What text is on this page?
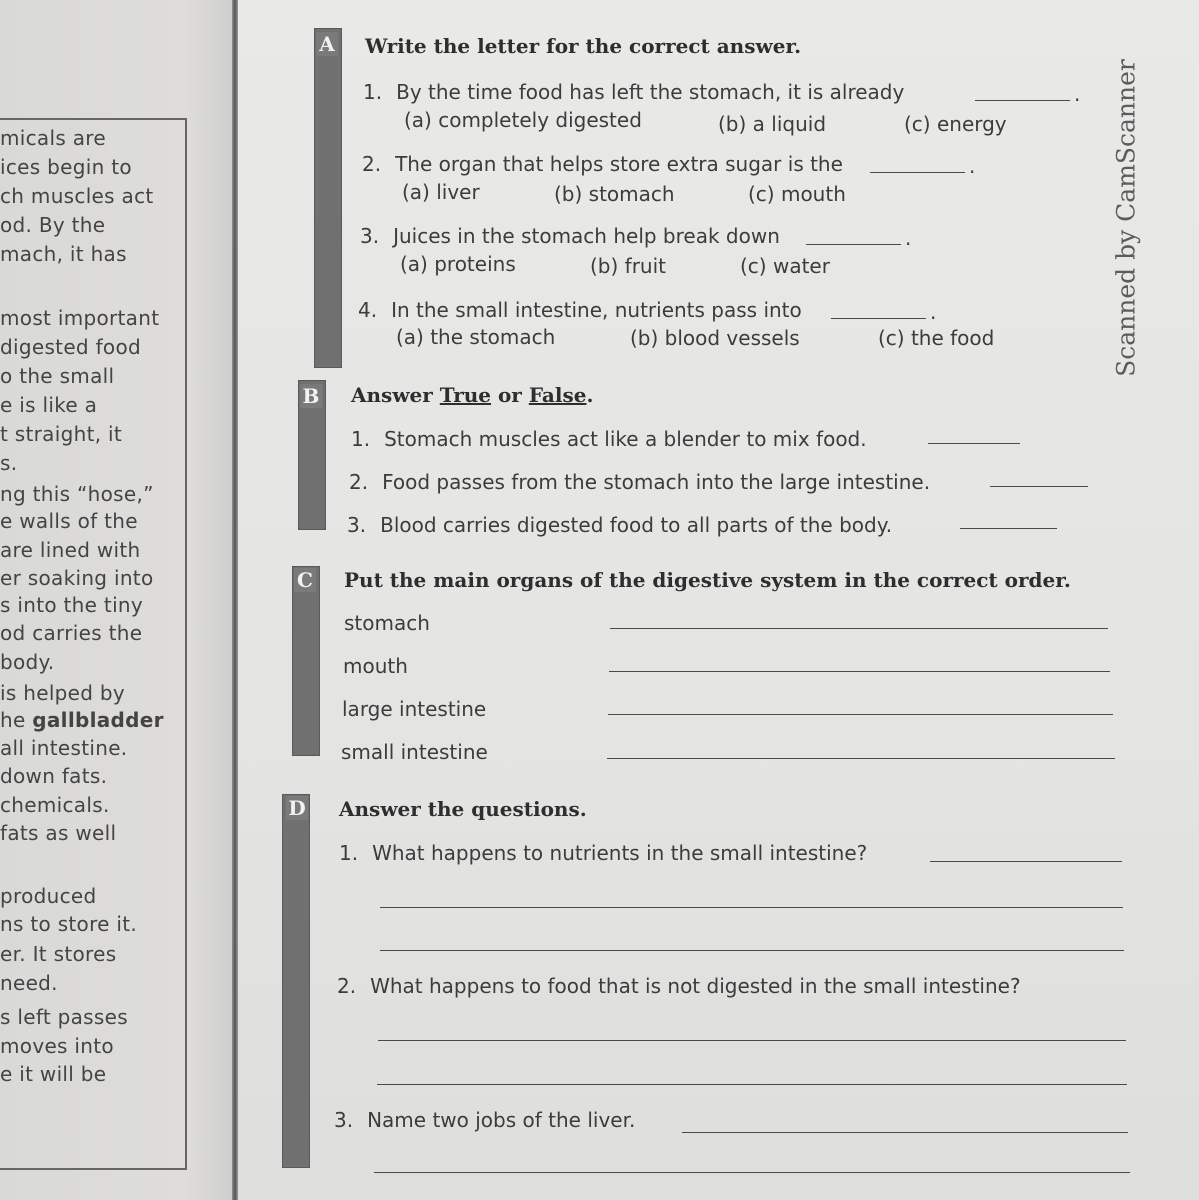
micals are
ices begin to
ch muscles act
od. By the
mach, it has
most important
digested food
o the small
e is like a
t straight, it
s.
ng this “hose,”
e walls of the
are lined with
er soaking into
s into the tiny
od carries the
body.
is helped by
he gallbladder
all intestine.
down fats.
chemicals.
fats as well
produced
ns to store it.
er. It stores
need.
s left passes
moves into
e it will be
A Write the letter for the correct answer.
1. By the time food has left the stomach, it is already	.
(a) completely digested	(b) a liquid	(c) energy
2. The organ that helps store extra sugar is the	.
(a) liver	(b) stomach	(c) mouth
3. Juices in the stomach help break down	.
(a) proteins	(b) fruit	(c) water
4. In the small intestine, nutrients pass into	.
(a) the stomach	(b) blood vessels	(c) the food
B Answer True or False.
1. Stomach muscles act like a blender to mix food.
2. Food passes from the stomach into the large intestine.
3. Blood carries digested food to all parts of the body.
C Put the main organs of the digestive system in the correct order.
stomach
mouth
large intestine
small intestine
D Answer the questions.
1. What happens to nutrients in the small intestine?
2. What happens to food that is not digested in the small intestine?
3. Name two jobs of the liver.
Scanned by CamScanner
